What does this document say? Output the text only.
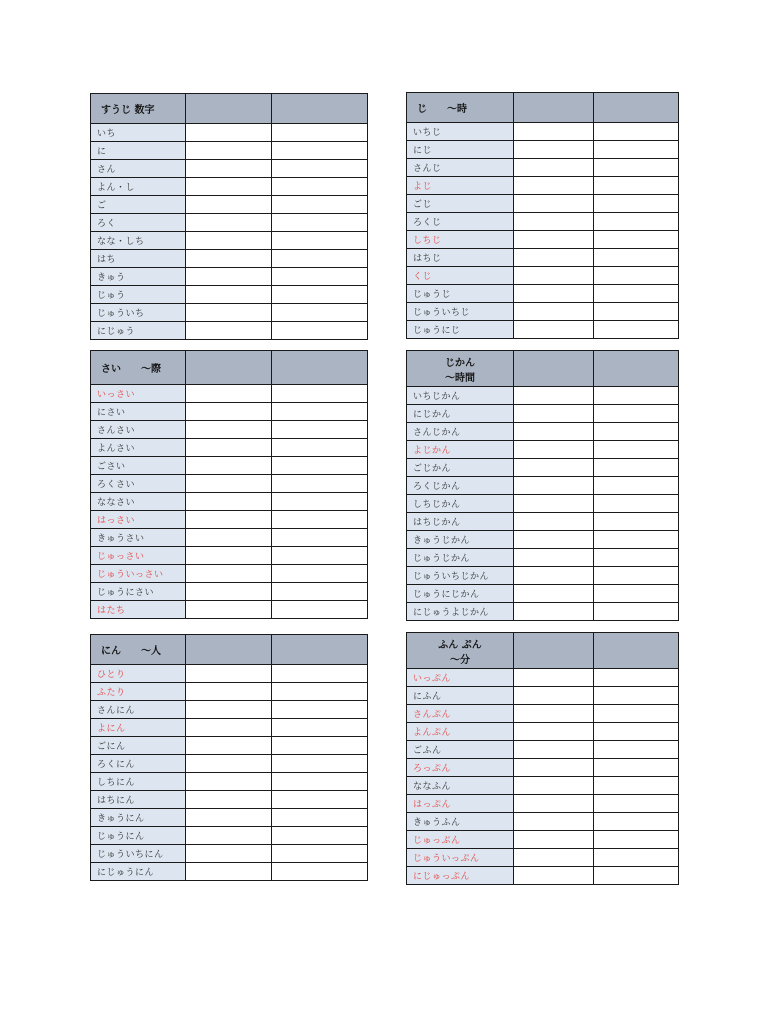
すうじ 数字		
いち		
に		
さん		
よん・し		
ご		
ろく		
なな・しち		
はち		
きゅう		
じゅう		
じゅういち		
にじゅう		
じ　　～時		
いちじ		
にじ		
さんじ		
よじ		
ごじ		
ろくじ		
しちじ		
はちじ		
くじ		
じゅうじ		
じゅういちじ		
じゅうにじ		
さい　　～際		
いっさい		
にさい		
さんさい		
よんさい		
ごさい		
ろくさい		
ななさい		
はっさい		
きゅうさい		
じゅっさい		
じゅういっさい		
じゅうにさい		
はたち		
じかん
～時間		

いちじかん		
にじかん		
さんじかん		
よじかん		
ごじかん		
ろくじかん		
しちじかん		
はちじかん		
きゅうじかん		
じゅうじかん		
じゅういちじかん		
じゅうにじかん		
にじゅうよじかん		
にん　　～人		
ひとり		
ふたり		
さんにん		
よにん		
ごにん		
ろくにん		
しちにん		
はちにん		
きゅうにん		
じゅうにん		
じゅういちにん		
にじゅうにん		
ふん ぷん
～分		

いっぷん		
にふん		
さんぷん		
よんぷん		
ごふん		
ろっぷん		
ななふん		
はっぷん		
きゅうふん		
じゅっぷん		
じゅういっぷん		
にじゅっぷん		
